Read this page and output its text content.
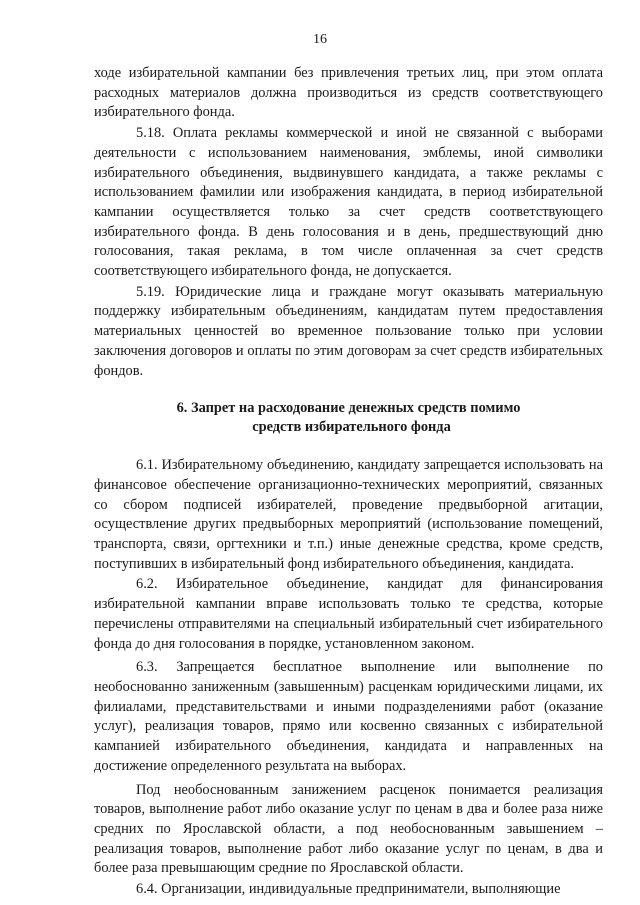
16

ходе избирательной кампании без привлечения третьих лиц, при этом оплата расходных материалов должна производиться из средств соответствующего избирательного фонда.

5.18. Оплата рекламы коммерческой и иной не связанной с выборами деятельности с использованием наименования, эмблемы, иной символики избирательного объединения, выдвинувшего кандидата, а также рекламы с использованием фамилии или изображения кандидата, в период избирательной кампании осуществляется только за счет средств соответствующего избирательного фонда. В день голосования и в день, предшествующий дню голосования, такая реклама, в том числе оплаченная за счет средств соответствующего избирательного фонда, не допускается.

5.19. Юридические лица и граждане могут оказывать материальную поддержку избирательным объединениям, кандидатам путем предоставления материальных ценностей во временное пользование только при условии заключения договоров и оплаты по этим договорам за счет средств избирательных фондов.

6. Запрет на расходование денежных средств помимо
средств избирательного фонда

6.1. Избирательному объединению, кандидату запрещается использовать на финансовое обеспечение организационно-технических мероприятий, связанных со сбором подписей избирателей, проведение предвыборной агитации, осуществление других предвыборных мероприятий (использование помещений, транспорта, связи, оргтехники и т.п.) иные денежные средства, кроме средств, поступивших в избирательный фонд избирательного объединения, кандидата.

6.2. Избирательное объединение, кандидат для финансирования избирательной кампании вправе использовать только те средства, которые перечислены отправителями на специальный избирательный счет избирательного фонда до дня голосования в порядке, установленном законом.

6.3. Запрещается бесплатное выполнение или выполнение по необоснованно заниженным (завышенным) расценкам юридическими лицами, их филиалами, представительствами и иными подразделениями работ (оказание услуг), реализация товаров, прямо или косвенно связанных с избирательной кампанией избирательного объединения, кандидата и направленных на достижение определенного результата на выборах.

Под необоснованным занижением расценок понимается реализация товаров, выполнение работ либо оказание услуг по ценам в два и более раза ниже средних по Ярославской области, а под необоснованным завышением – реализация товаров, выполнение работ либо оказание услуг по ценам, в два и более раза превышающим средние по Ярославской области.

6.4. Организации, индивидуальные предприниматели, выполняющие
